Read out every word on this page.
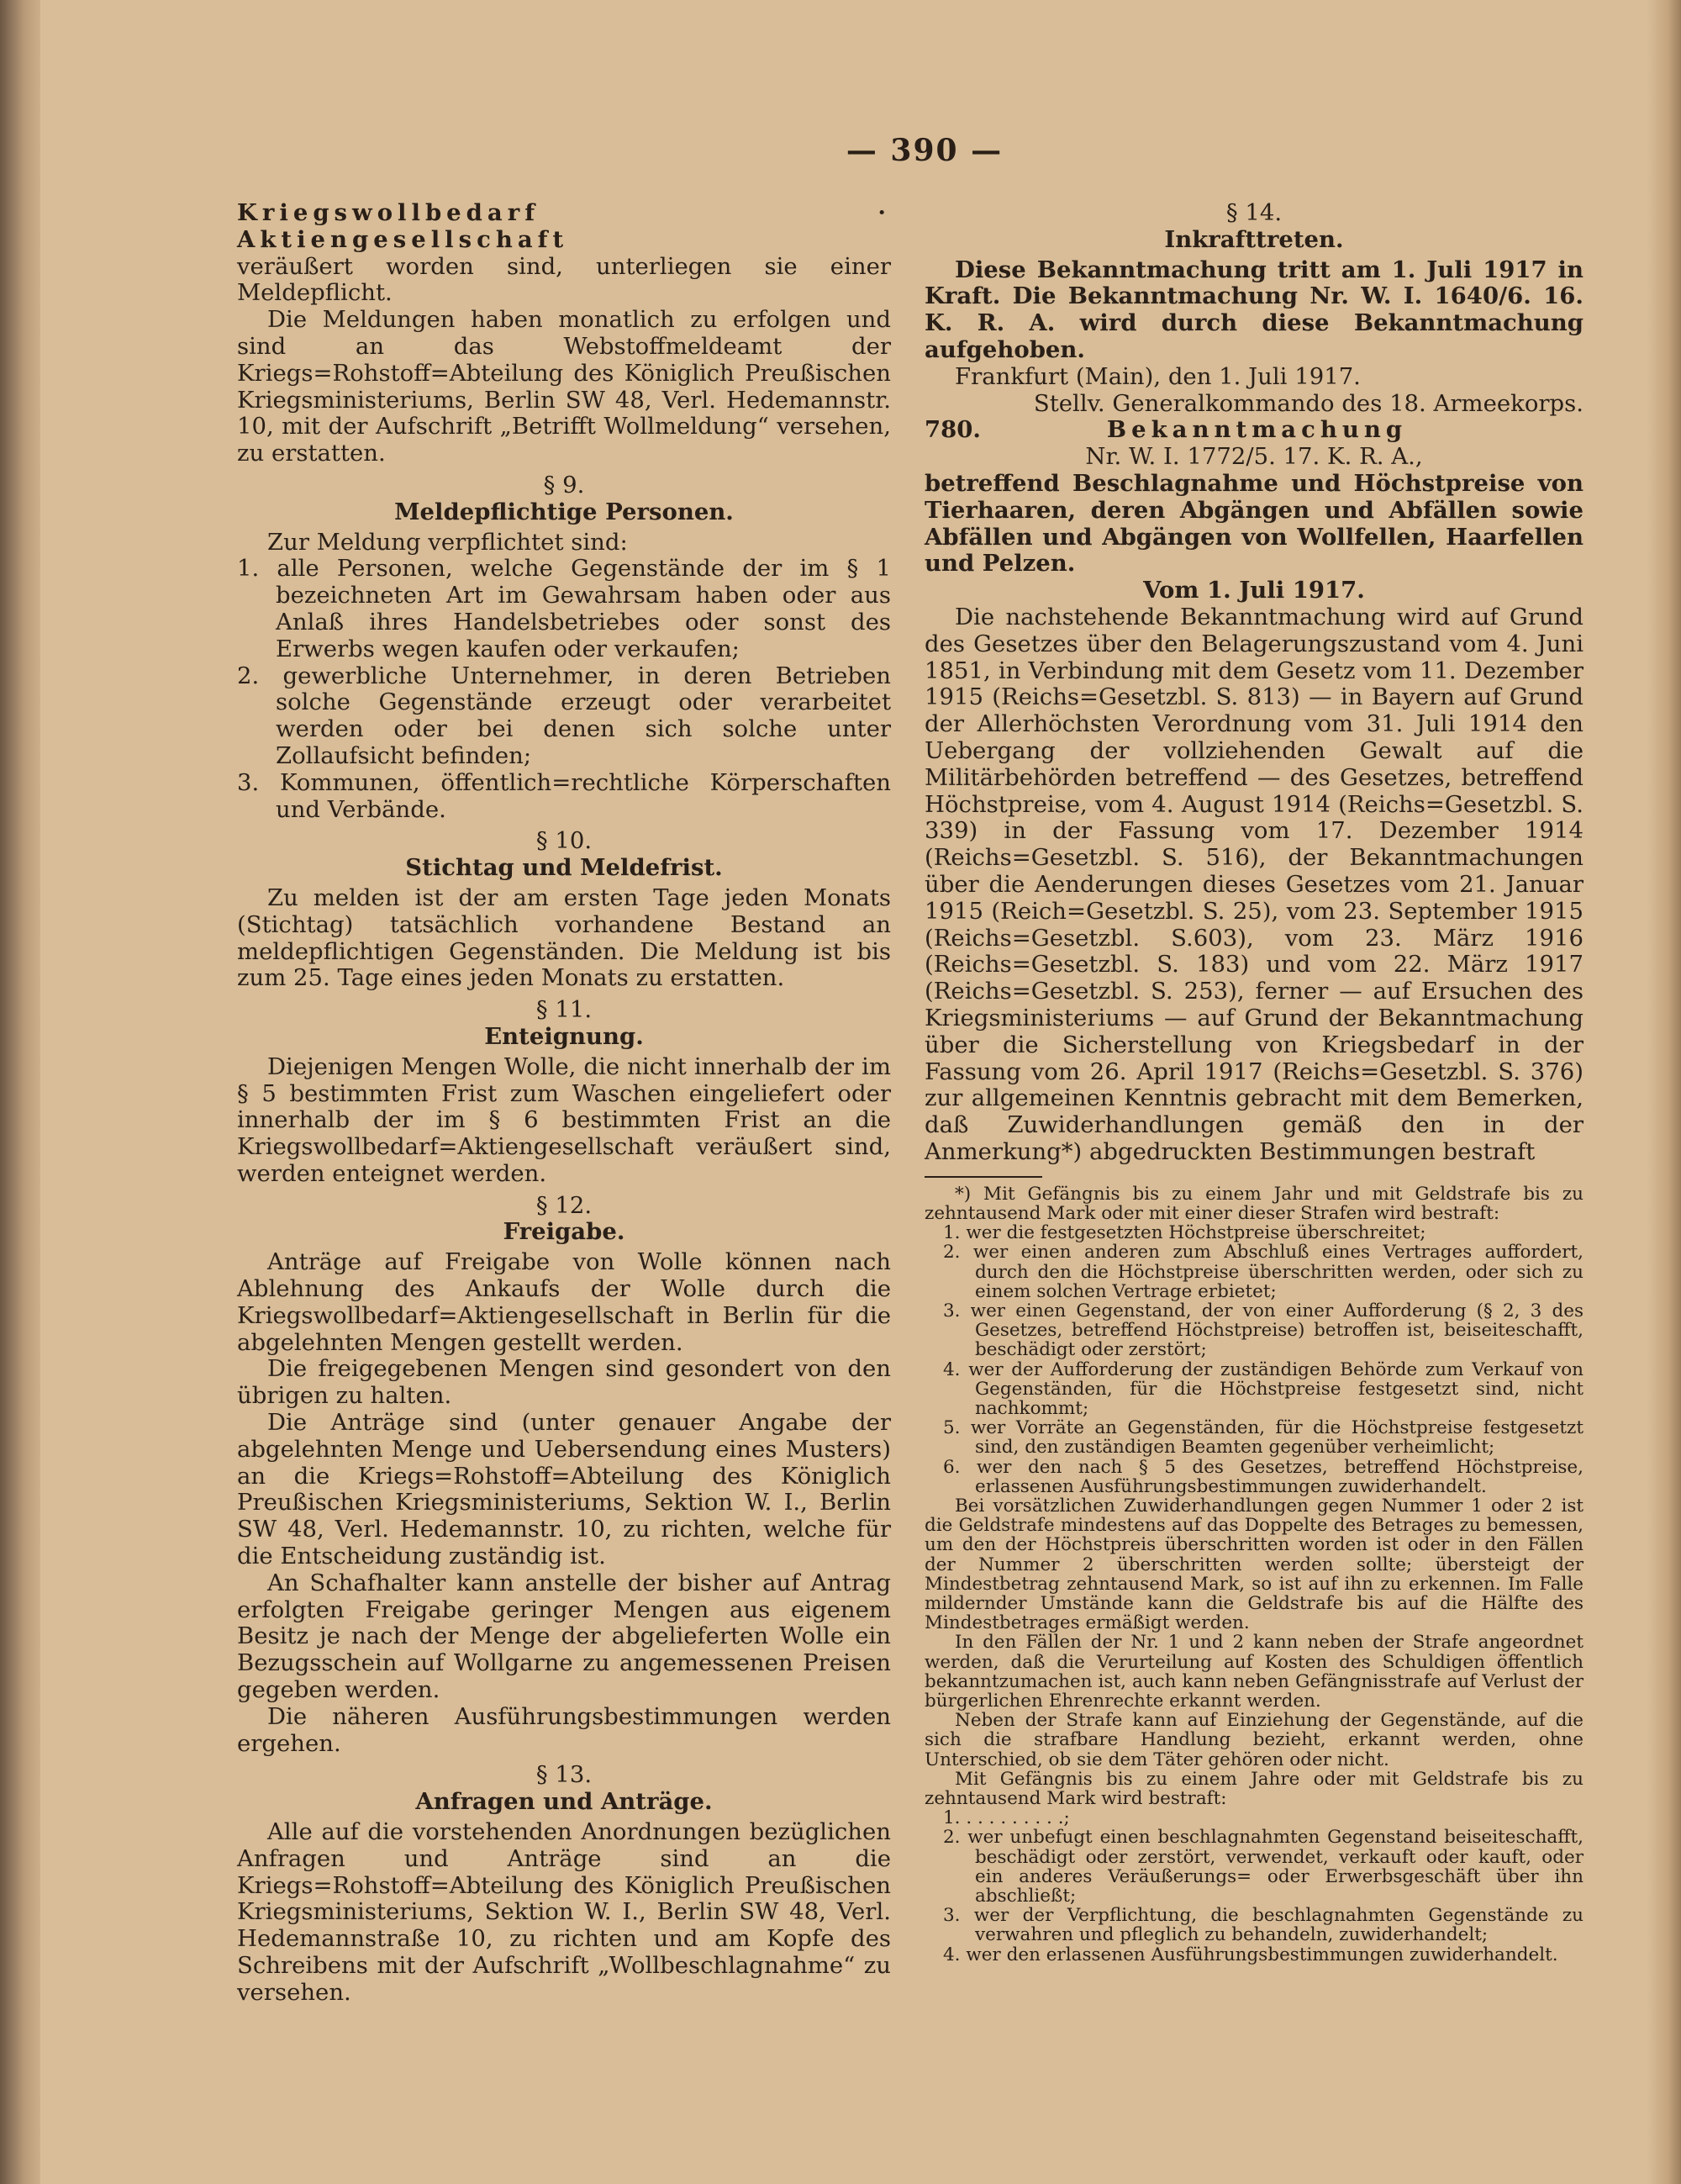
— 390 —

Kriegswollbedarf · Aktiengesellschaft

veräußert worden sind, unterliegen sie einer Meldepflicht.

Die Meldungen haben monatlich zu erfolgen und sind an das Webstoffmeldeamt der Kriegs=Rohstoff=Abteilung des Königlich Preußischen Kriegsministeriums, Berlin SW 48, Verl. Hedemannstr. 10, mit der Aufschrift „Betrifft Wollmeldung“ versehen, zu erstatten.

§ 9.

Meldepflichtige Personen.

Zur Meldung verpflichtet sind:

1. alle Personen, welche Gegenstände der im § 1 bezeichneten Art im Gewahrsam haben oder aus Anlaß ihres Handelsbetriebes oder sonst des Erwerbs wegen kaufen oder verkaufen;
2. gewerbliche Unternehmer, in deren Betrieben solche Gegenstände erzeugt oder verarbeitet werden oder bei denen sich solche unter Zollaufsicht befinden;
3. Kommunen, öffentlich=rechtliche Körperschaften und Verbände.

§ 10.

Stichtag und Meldefrist.

Zu melden ist der am ersten Tage jeden Monats (Stichtag) tatsächlich vorhandene Bestand an meldepflichtigen Gegenständen. Die Meldung ist bis zum 25. Tage eines jeden Monats zu erstatten.

§ 11.

Enteignung.

Diejenigen Mengen Wolle, die nicht innerhalb der im § 5 bestimmten Frist zum Waschen eingeliefert oder innerhalb der im § 6 bestimmten Frist an die Kriegswollbedarf=Aktiengesellschaft veräußert sind, werden enteignet werden.

§ 12.

Freigabe.

Anträge auf Freigabe von Wolle können nach Ablehnung des Ankaufs der Wolle durch die Kriegswollbedarf=Aktiengesellschaft in Berlin für die abgelehnten Mengen gestellt werden.

Die freigegebenen Mengen sind gesondert von den übrigen zu halten.

Die Anträge sind (unter genauer Angabe der abgelehnten Menge und Uebersendung eines Musters) an die Kriegs=Rohstoff=Abteilung des Königlich Preußischen Kriegsministeriums, Sektion W. I., Berlin SW 48, Verl. Hedemannstr. 10, zu richten, welche für die Entscheidung zuständig ist.

An Schafhalter kann anstelle der bisher auf Antrag erfolgten Freigabe geringer Mengen aus eigenem Besitz je nach der Menge der abgelieferten Wolle ein Bezugsschein auf Wollgarne zu angemessenen Preisen gegeben werden.

Die näheren Ausführungsbestimmungen werden ergehen.

§ 13.

Anfragen und Anträge.

Alle auf die vorstehenden Anordnungen bezüglichen Anfragen und Anträge sind an die Kriegs=Rohstoff=Abteilung des Königlich Preußischen Kriegsministeriums, Sektion W. I., Berlin SW 48, Verl. Hedemannstraße 10, zu richten und am Kopfe des Schreibens mit der Aufschrift „Wollbeschlagnahme“ zu versehen.

§ 14.

Inkrafttreten.

Diese Bekanntmachung tritt am 1. Juli 1917 in Kraft. Die Bekanntmachung Nr. W. I. 1640/6. 16. K. R. A. wird durch diese Bekanntmachung aufgehoben.

Frankfurt (Main), den 1. Juli 1917.

Stellv. Generalkommando des 18. Armeekorps.

780.	Bekanntmachung

Nr. W. I. 1772/5. 17. K. R. A.,

betreffend Beschlagnahme und Höchstpreise von Tierhaaren, deren Abgängen und Abfällen sowie Abfällen und Abgängen von Wollfellen, Haarfellen und Pelzen.

Vom 1. Juli 1917.

Die nachstehende Bekanntmachung wird auf Grund des Gesetzes über den Belagerungszustand vom 4. Juni 1851, in Verbindung mit dem Gesetz vom 11. Dezember 1915 (Reichs=Gesetzbl. S. 813) — in Bayern auf Grund der Allerhöchsten Verordnung vom 31. Juli 1914 den Uebergang der vollziehenden Gewalt auf die Militärbehörden betreffend — des Gesetzes, betreffend Höchstpreise, vom 4. August 1914 (Reichs=Gesetzbl. S. 339) in der Fassung vom 17. Dezember 1914 (Reichs=Gesetzbl. S. 516), der Bekanntmachungen über die Aenderungen dieses Gesetzes vom 21. Januar 1915 (Reich=Gesetzbl. S. 25), vom 23. September 1915 (Reichs=Gesetzbl. S.603), vom 23. März 1916 (Reichs=Gesetzbl. S. 183) und vom 22. März 1917 (Reichs=Gesetzbl. S. 253), ferner — auf Ersuchen des Kriegsministeriums — auf Grund der Bekanntmachung über die Sicherstellung von Kriegsbedarf in der Fassung vom 26. April 1917 (Reichs=Gesetzbl. S. 376) zur allgemeinen Kenntnis gebracht mit dem Bemerken, daß Zuwiderhandlungen gemäß den in der Anmerkung*) abgedruckten Bestimmungen bestraft

*) Mit Gefängnis bis zu einem Jahr und mit Geldstrafe bis zu zehntausend Mark oder mit einer dieser Strafen wird bestraft:

1. wer die festgesetzten Höchstpreise überschreitet;
2. wer einen anderen zum Abschluß eines Vertrages auffordert, durch den die Höchstpreise überschritten werden, oder sich zu einem solchen Vertrage erbietet;
3. wer einen Gegenstand, der von einer Aufforderung (§ 2, 3 des Gesetzes, betreffend Höchstpreise) betroffen ist, beiseiteschafft, beschädigt oder zerstört;
4. wer der Aufforderung der zuständigen Behörde zum Verkauf von Gegenständen, für die Höchstpreise festgesetzt sind, nicht nachkommt;
5. wer Vorräte an Gegenständen, für die Höchstpreise festgesetzt sind, den zuständigen Beamten gegenüber verheimlicht;
6. wer den nach § 5 des Gesetzes, betreffend Höchstpreise, erlassenen Ausführungsbestimmungen zuwiderhandelt.

Bei vorsätzlichen Zuwiderhandlungen gegen Nummer 1 oder 2 ist die Geldstrafe mindestens auf das Doppelte des Betrages zu bemessen, um den der Höchstpreis überschritten worden ist oder in den Fällen der Nummer 2 überschritten werden sollte; übersteigt der Mindestbetrag zehntausend Mark, so ist auf ihn zu erkennen. Im Falle mildernder Umstände kann die Geldstrafe bis auf die Hälfte des Mindestbetrages ermäßigt werden.

In den Fällen der Nr. 1 und 2 kann neben der Strafe angeordnet werden, daß die Verurteilung auf Kosten des Schuldigen öffentlich bekanntzumachen ist, auch kann neben Gefängnisstrafe auf Verlust der bürgerlichen Ehrenrechte erkannt werden.

Neben der Strafe kann auf Einziehung der Gegenstände, auf die sich die strafbare Handlung bezieht, erkannt werden, ohne Unterschied, ob sie dem Täter gehören oder nicht.

Mit Gefängnis bis zu einem Jahre oder mit Geldstrafe bis zu zehntausend Mark wird bestraft:

1. . . . . . . . . .;
2. wer unbefugt einen beschlagnahmten Gegenstand beiseiteschafft, beschädigt oder zerstört, verwendet, verkauft oder kauft, oder ein anderes Veräußerungs= oder Erwerbsgeschäft über ihn abschließt;
3. wer der Verpflichtung, die beschlagnahmten Gegenstände zu verwahren und pfleglich zu behandeln, zuwiderhandelt;
4. wer den erlassenen Ausführungsbestimmungen zuwiderhandelt.
